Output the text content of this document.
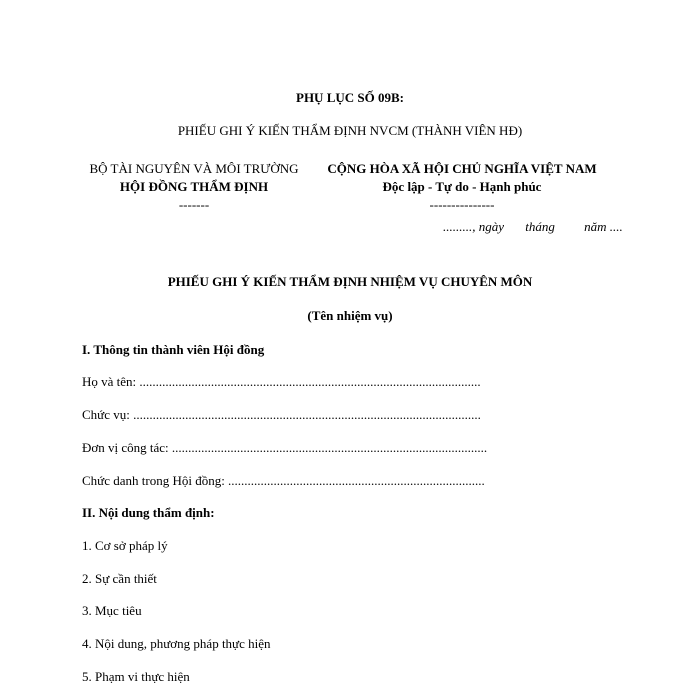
PHỤ LỤC SỐ 09B:
PHIẾU GHI Ý KIẾN THẨM ĐỊNH NVCM (THÀNH VIÊN HĐ)
BỘ TÀI NGUYÊN VÀ MÔI TRƯỜNG
HỘI ĐỒNG THẨM ĐỊNH
-------
CỘNG HÒA XÃ HỘI CHỦ NGHĨA VIỆT NAM
Độc lập - Tự do - Hạnh phúc
---------------
........., ngày tháng năm ....
PHIẾU GHI Ý KIẾN THẨM ĐỊNH NHIỆM VỤ CHUYÊN MÔN
(Tên nhiệm vụ)
I. Thông tin thành viên Hội đồng
Họ và tên: .........................................................................................................
Chức vụ: ...........................................................................................................
Đơn vị công tác: .................................................................................................
Chức danh trong Hội đồng: ...............................................................................
II. Nội dung thẩm định:
1. Cơ sở pháp lý
2. Sự cần thiết
3. Mục tiêu
4. Nội dung, phương pháp thực hiện
5. Phạm vi thực hiện
